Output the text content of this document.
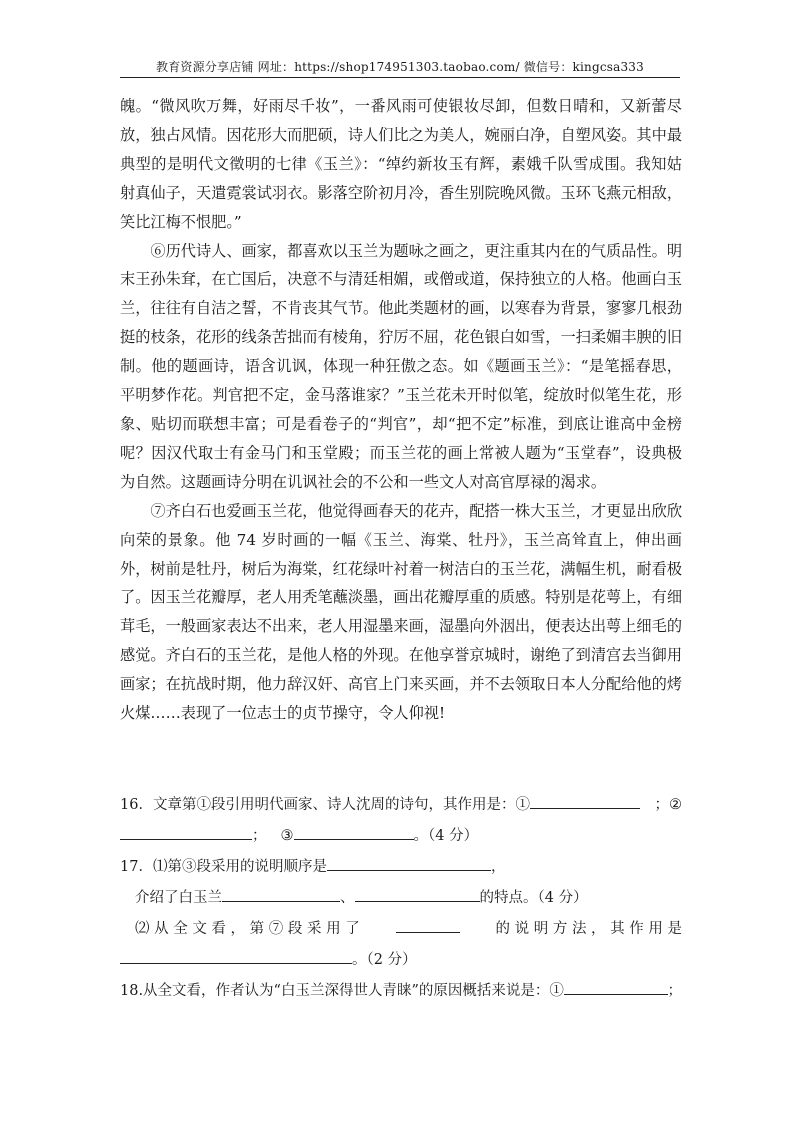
教育资源分享店铺 网址：https://shop174951303.taobao.com/ 微信号：kingcsa333

魄。“微风吹万舞，好雨尽千妆”，一番风雨可使银妆尽卸，但数日晴和，又新蕾尽放，独占风情。因花形大而肥硕，诗人们比之为美人，婉丽白净，自塑风姿。其中最典型的是明代文徵明的七律《玉兰》：“绰约新妆玉有辉，素娥千队雪成围。我知姑射真仙子，天遣霓裳试羽衣。影落空阶初月冷，香生别院晚风微。玉环飞燕元相敌，笑比江梅不恨肥。”

⑥历代诗人、画家，都喜欢以玉兰为题咏之画之，更注重其内在的气质品性。明末王孙朱耷，在亡国后，决意不与清廷相媚，或僧或道，保持独立的人格。他画白玉兰，往往有自洁之誓，不肯丧其气节。他此类题材的画，以寒春为背景，寥寥几根劲挺的枝条，花形的线条苦拙而有棱角，狞厉不屈，花色银白如雪，一扫柔媚丰腴的旧制。他的题画诗，语含讥讽，体现一种狂傲之态。如《题画玉兰》：“是笔摇春思，平明梦作花。判官把不定，金马落谁家？”玉兰花未开时似笔，绽放时似笔生花，形象、贴切而联想丰富；可是看卷子的“判官”，却“把不定”标准，到底让谁高中金榜呢？因汉代取士有金马门和玉堂殿；而玉兰花的画上常被人题为“玉堂春”，设典极为自然。这题画诗分明在讥讽社会的不公和一些文人对高官厚禄的渴求。

⑦齐白石也爱画玉兰花，他觉得画春天的花卉，配搭一株大玉兰，才更显出欣欣向荣的景象。他 74 岁时画的一幅《玉兰、海棠、牡丹》，玉兰高耸直上，伸出画外，树前是牡丹，树后为海棠，红花绿叶衬着一树洁白的玉兰花，满幅生机，耐看极了。因玉兰花瓣厚，老人用秃笔蘸淡墨，画出花瓣厚重的质感。特别是花萼上，有细茸毛，一般画家表达不出来，老人用湿墨来画，湿墨向外洇出，便表达出萼上细毛的感觉。齐白石的玉兰花，是他人格的外现。在他享誉京城时，谢绝了到清宫去当御用画家；在抗战时期，他力辞汉奸、高官上门来买画，并不去领取日本人分配给他的烤火煤……表现了一位志士的贞节操守，令人仰视!

16．文章第①段引用明代画家、诗人沈周的诗句，其作用是：①	； ②
； ③	。（4 分）
17．⑴第③段采用的说明顺序是	，
介绍了白玉兰	、	的特点。（4 分）
⑵ 从 全 文 看 ， 第 ⑦ 段 采 用 了	的 说 明 方 法 ， 其 作 用 是
。（2 分）
18.从全文看，作者认为“白玉兰深得世人青睐”的原因概括来说是：①	；
